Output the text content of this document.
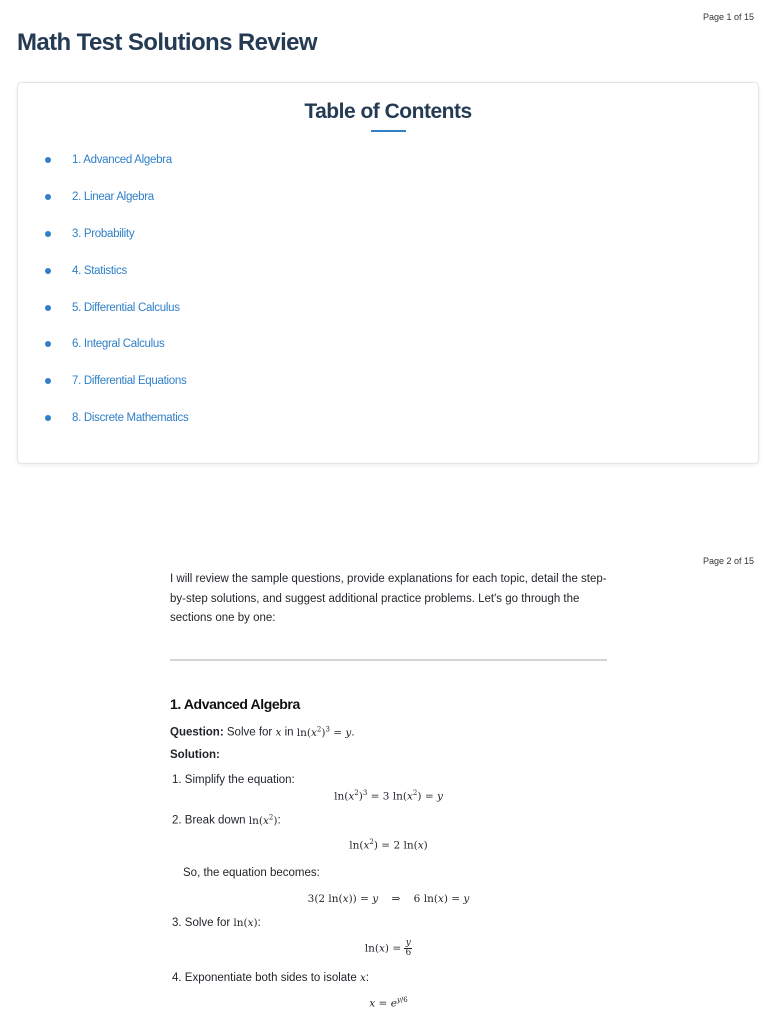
Page 1 of 15
Math Test Solutions Review
Table of Contents
1. Advanced Algebra
2. Linear Algebra
3. Probability
4. Statistics
5. Differential Calculus
6. Integral Calculus
7. Differential Equations
8. Discrete Mathematics
Page 2 of 15

I will review the sample questions, provide explanations for each topic, detail the step-by-step solutions, and suggest additional practice problems. Let's go through the sections one by one:

1. Advanced Algebra
Question: Solve for x in $\ln(x^2)^3 = y$.
Solution:
1. Simplify the equation:
$\ln(x^2)^3 = 3$ $\ln(x^2) = y$
2. Break down $\ln(x^2)$:
$\ln(x^2) = 2$ ln(x)
So, the equation becomes:
3(2 ln(x)) = y    ⇒    6 ln(x) = y
3. Solve for ln(x):
$\ln(x) = \frac{y}{6}$
4. Exponentiate both sides to isolate x:
$x = e^{y/6}$
